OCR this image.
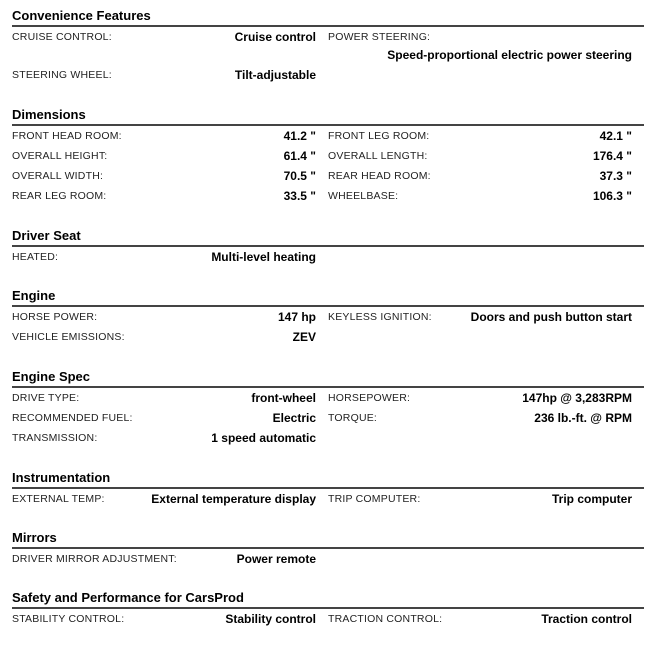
Convenience Features
CRUISE CONTROL:	Cruise control
STEERING WHEEL:	Tilt-adjustable
POWER STEERING:
Speed-proportional electric power steering
Dimensions
FRONT HEAD ROOM:	41.2 "
OVERALL HEIGHT:	61.4 "
OVERALL WIDTH:	70.5 "
REAR LEG ROOM:	33.5 "
FRONT LEG ROOM:	42.1 "
OVERALL LENGTH:	176.4 "
REAR HEAD ROOM:	37.3 "
WHEELBASE:	106.3 "
Driver Seat
HEATED:	Multi-level heating
Engine
HORSE POWER:	147 hp
VEHICLE EMISSIONS:	ZEV
KEYLESS IGNITION:	Doors and push button start
Engine Spec
DRIVE TYPE:	front-wheel
RECOMMENDED FUEL:	Electric
TRANSMISSION:	1 speed automatic
HORSEPOWER:	147hp @ 3,283RPM
TORQUE:	236 lb.-ft. @ RPM
Instrumentation
EXTERNAL TEMP:	External temperature display TRIP COMPUTER:	Trip computer
Mirrors
DRIVER MIRROR ADJUSTMENT:	Power remote
Safety and Performance for CarsProd
STABILITY CONTROL:	Stability control TRACTION CONTROL:	Traction control
